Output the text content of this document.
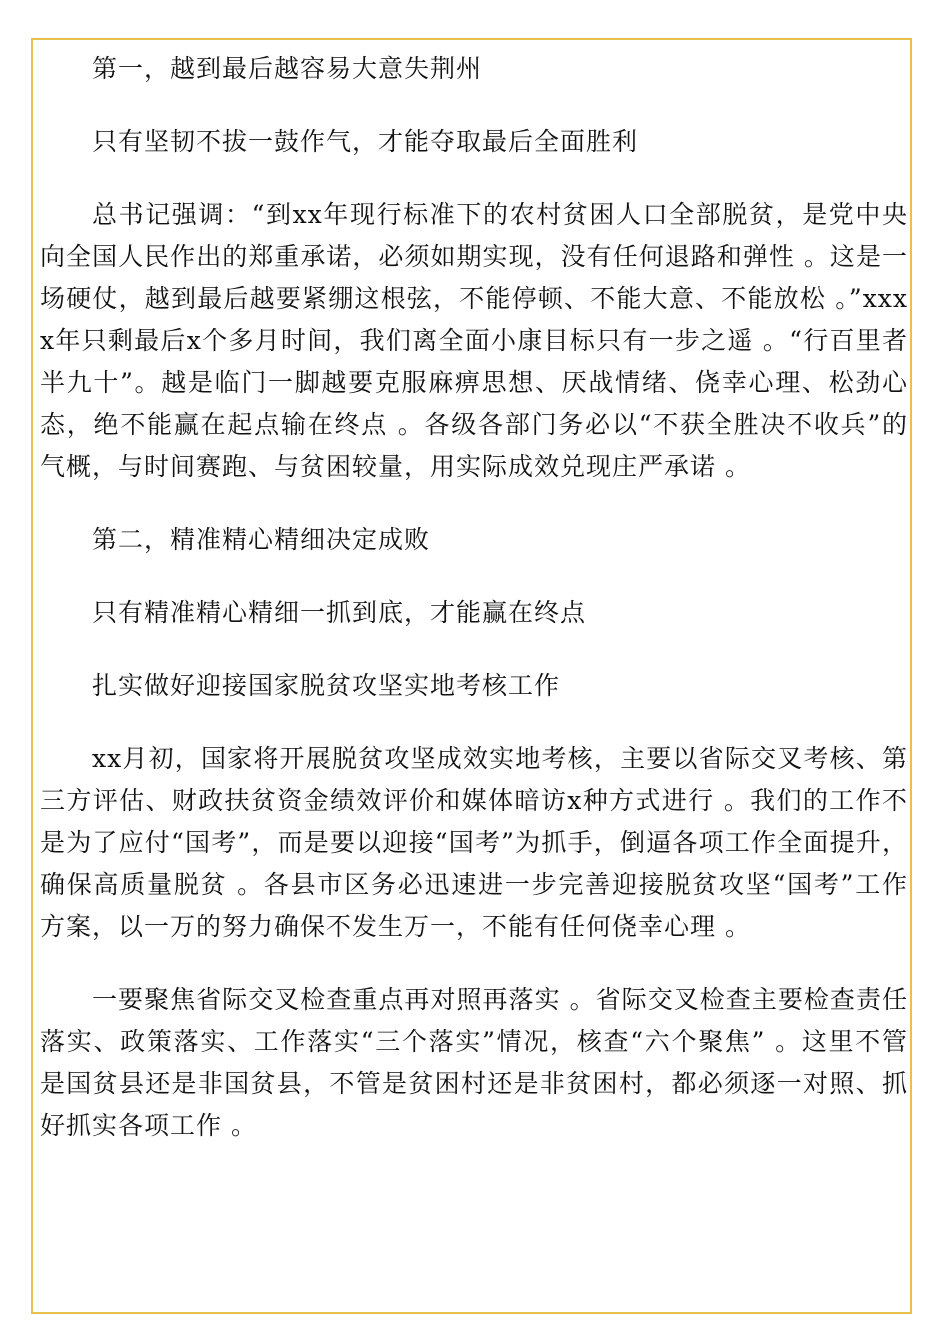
第一，越到最后越容易大意失荆州

只有坚韧不拔一鼓作气，才能夺取最后全面胜利

总书记强调：“到xx年现行标准下的农村贫困人口全部脱贫，是党中央向全国人民作出的郑重承诺，必须如期实现，没有任何退路和弹性 。这是一场硬仗，越到最后越要紧绷这根弦，不能停顿、不能大意、不能放松 。”xxxx年只剩最后x个多月时间，我们离全面小康目标只有一步之遥 。“行百里者半九十”。越是临门一脚越要克服麻痹思想、厌战情绪、侥幸心理、松劲心态，绝不能赢在起点输在终点 。各级各部门务必以“不获全胜决不收兵”的气概，与时间赛跑、与贫困较量，用实际成效兑现庄严承诺 。

第二，精准精心精细决定成败

只有精准精心精细一抓到底，才能赢在终点

扎实做好迎接国家脱贫攻坚实地考核工作

xx月初，国家将开展脱贫攻坚成效实地考核，主要以省际交叉考核、第三方评估、财政扶贫资金绩效评价和媒体暗访x种方式进行 。我们的工作不是为了应付“国考”，而是要以迎接“国考”为抓手，倒逼各项工作全面提升，确保高质量脱贫 。各县市区务必迅速进一步完善迎接脱贫攻坚“国考”工作方案，以一万的努力确保不发生万一，不能有任何侥幸心理 。

一要聚焦省际交叉检查重点再对照再落实 。省际交叉检查主要检查责任落实、政策落实、工作落实“三个落实”情况，核查“六个聚焦” 。这里不管是国贫县还是非国贫县，不管是贫困村还是非贫困村，都必须逐一对照、抓好抓实各项工作 。
